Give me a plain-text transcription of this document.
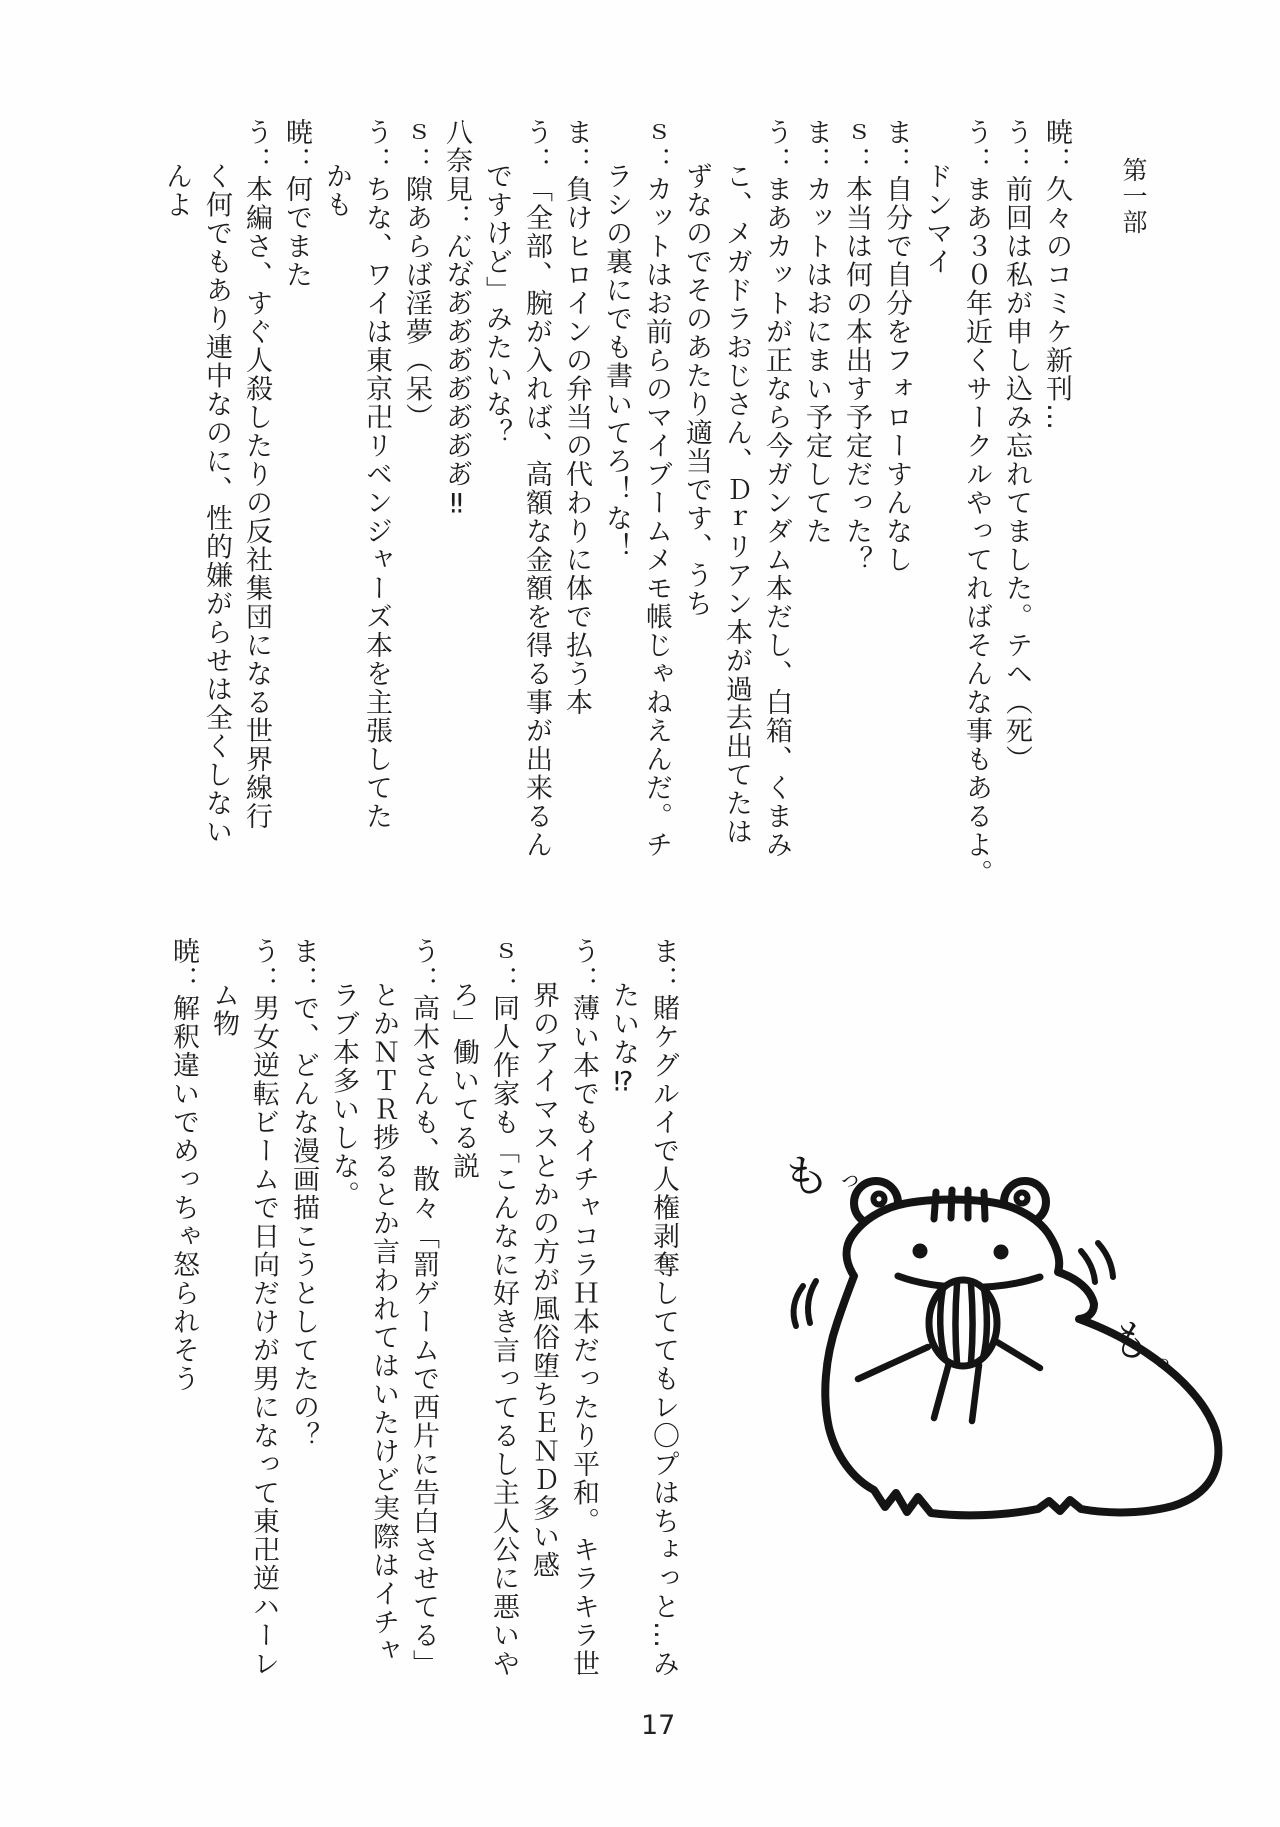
第一部

暁：久々のコミケ新刊…

う：前回は私が申し込み忘れてました。テヘ（死）

う：まあ３０年近くサークルやってればそんな事もあるよ。

ドンマイ

ま：自分で自分をフォローすんなし

ｓ：本当は何の本出す予定だった？

ま：カットはおにまい予定してた

う：まあカットが正なら今ガンダム本だし、白箱、くまみ

こ、メガドラおじさん、Ｄｒリアン本が過去出てたは

ずなのでそのあたり適当です、うち

ｓ：カットはお前らのマイブームメモ帳じゃねえんだ。チ

ラシの裏にでも書いてろ！な！

ま：負けヒロインの弁当の代わりに体で払う本

う：「全部、腕が入れば、高額な金額を得る事が出来るん

ですけど」みたいな？

八奈見：ん゙な゙あ゙あ゙あ゙あ゙あ゙あ゙あ゙‼

ｓ：隙あらば淫夢（呆）

う：ちな、ワイは東京卍リベンジャーズ本を主張してた

かも

暁：何でまた

う：本編さ、すぐ人殺したりの反社集団になる世界線行

く何でもあり連中なのに、性的嫌がらせは全くしない

んよ

ま：賭ケグルイで人権剥奪しててもレ〇プはちょっと…み

たいな⁉

う：薄い本でもイチャコラＨ本だったり平和。キラキラ世

界のアイマスとかの方が風俗堕ちＥＮＤ多い感

ｓ：同人作家も「こんなに好き言ってるし主人公に悪いや

ろ」働いてる説

う：高木さんも、散々「罰ゲームで西片に告白させてる」

とかＮＴＲ捗るとか言われてはいたけど実際はイチャ

ラブ本多いしな。

ま：で、どんな漫画描こうとしてたの？

う：男女逆転ビームで日向だけが男になって東卍逆ハーレ

ム物

暁：解釈違いでめっちゃ怒られそう	も っ
も
っ
17
